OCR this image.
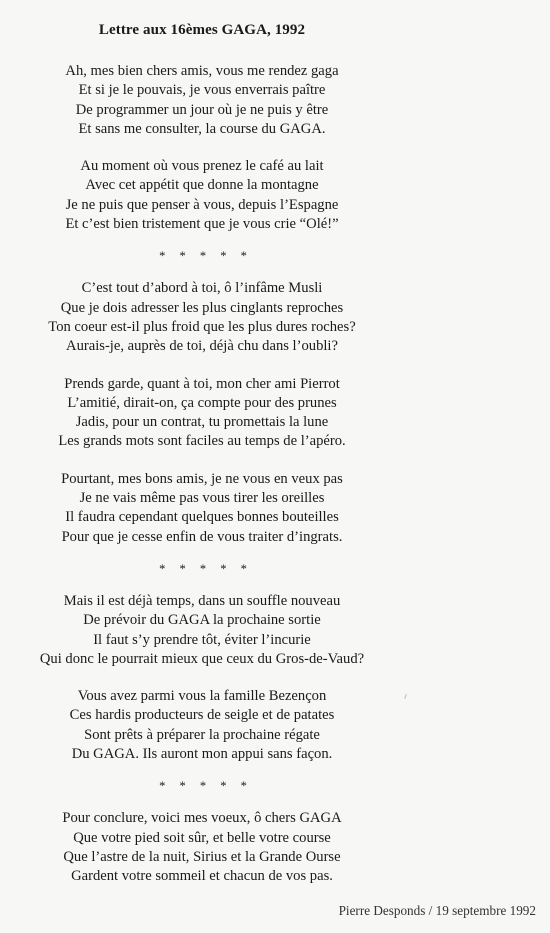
Lettre aux 16èmes GAGA, 1992
Ah, mes bien chers amis, vous me rendez gaga
Et si je le pouvais, je vous enverrais paître
De programmer un jour où je ne puis y être
Et sans me consulter, la course du GAGA.
Au moment où vous prenez le café au lait
Avec cet appétit que donne la montagne
Je ne puis que penser à vous, depuis l’Espagne
Et c’est bien tristement que je vous crie “Olé!”
* * * * *
C’est tout d’abord à toi, ô l’infâme Musli
Que je dois adresser les plus cinglants reproches
Ton coeur est-il plus froid que les plus dures roches?
Aurais-je, auprès de toi, déjà chu dans l’oubli?
Prends garde, quant à toi, mon cher ami Pierrot
L’amitié, dirait-on, ça compte pour des prunes
Jadis, pour un contrat, tu promettais la lune
Les grands mots sont faciles au temps de l’apéro.
Pourtant, mes bons amis, je ne vous en veux pas
Je ne vais même pas vous tirer les oreilles
Il faudra cependant quelques bonnes bouteilles
Pour que je cesse enfin de vous traiter d’ingrats.
* * * * *
Mais il est déjà temps, dans un souffle nouveau
De prévoir du GAGA la prochaine sortie
Il faut s’y prendre tôt, éviter l’incurie
Qui donc le pourrait mieux que ceux du Gros-de-Vaud?
Vous avez parmi vous la famille Bezençon
Ces hardis producteurs de seigle et de patates
Sont prêts à préparer la prochaine régate
Du GAGA. Ils auront mon appui sans façon.
* * * * *
Pour conclure, voici mes voeux, ô chers GAGA
Que votre pied soit sûr, et belle votre course
Que l’astre de la nuit, Sirius et la Grande Ourse
Gardent votre sommeil et chacun de vos pas.
Pierre Desponds / 19 septembre 1992
